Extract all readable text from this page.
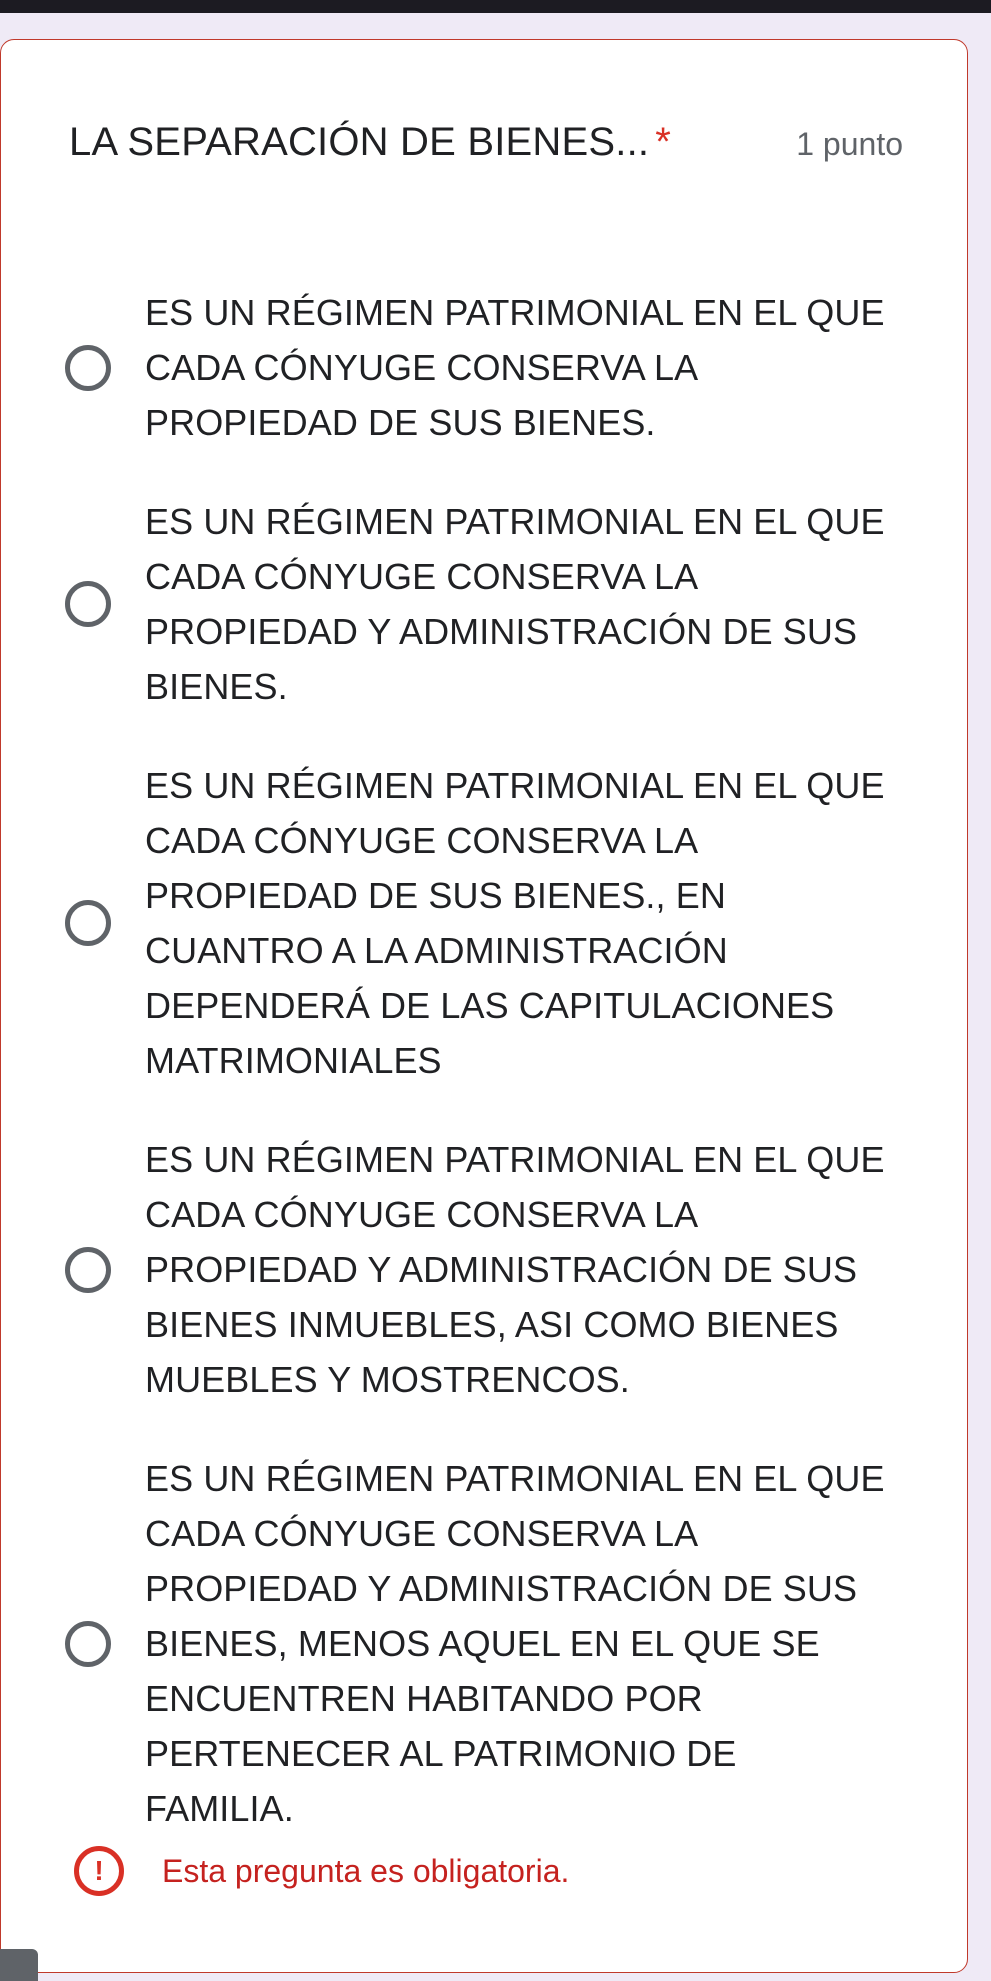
LA SEPARACIÓN DE BIENES... *	1 punto
ES UN RÉGIMEN PATRIMONIAL EN EL QUE CADA CÓNYUGE CONSERVA LA PROPIEDAD DE SUS BIENES.
ES UN RÉGIMEN PATRIMONIAL EN EL QUE CADA CÓNYUGE CONSERVA LA PROPIEDAD Y ADMINISTRACIÓN DE SUS BIENES.
ES UN RÉGIMEN PATRIMONIAL EN EL QUE CADA CÓNYUGE CONSERVA LA PROPIEDAD DE SUS BIENES., EN CUANTRO A LA ADMINISTRACIÓN DEPENDERÁ DE LAS CAPITULACIONES MATRIMONIALES
ES UN RÉGIMEN PATRIMONIAL EN EL QUE CADA CÓNYUGE CONSERVA LA PROPIEDAD Y ADMINISTRACIÓN DE SUS BIENES INMUEBLES, ASI COMO BIENES MUEBLES Y MOSTRENCOS.
ES UN RÉGIMEN PATRIMONIAL EN EL QUE CADA CÓNYUGE CONSERVA LA PROPIEDAD Y ADMINISTRACIÓN DE SUS BIENES, MENOS AQUEL EN EL QUE SE ENCUENTREN HABITANDO POR PERTENECER AL PATRIMONIO DE FAMILIA.
!
Esta pregunta es obligatoria.
